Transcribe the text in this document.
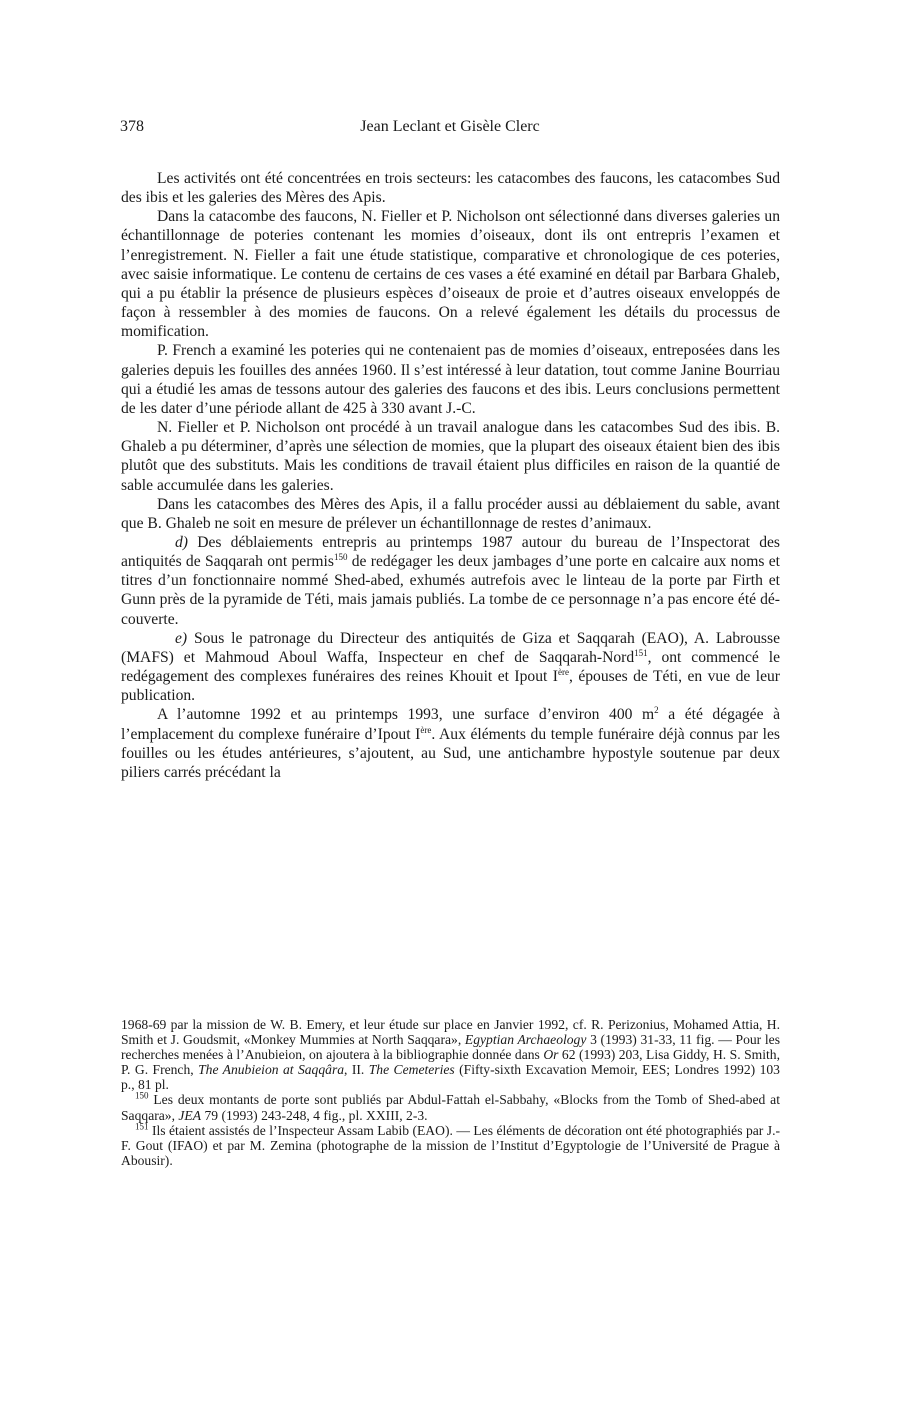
378	Jean Leclant et Gisèle Clerc

Les activités ont été concentrées en trois secteurs: les catacombes des faucons, les catacombes Sud des ibis et les galeries des Mères des Apis.

Dans la catacombe des faucons, N. Fieller et P. Nicholson ont sélectionné dans diverses galeries un échantillonnage de poteries contenant les momies d’oiseaux, dont ils ont entrepris l’examen et l’enregistrement. N. Fieller a fait une étude statistique, comparative et chronologique de ces poteries, avec saisie informatique. Le contenu de certains de ces vases a été examiné en détail par Barbara Ghaleb, qui a pu établir la présence de plusieurs espèces d’oiseaux de proie et d’autres oiseaux enveloppés de façon à ressembler à des momies de faucons. On a relevé également les détails du processus de momification.

P. French a examiné les poteries qui ne contenaient pas de momies d’oiseaux, entreposées dans les galeries depuis les fouilles des années 1960. Il s’est intéressé à leur datation, tout comme Janine Bourriau qui a étudié les amas de tessons autour des galeries des faucons et des ibis. Leurs conclusions permettent de les dater d’une période allant de 425 à 330 avant J.-C.

N. Fieller et P. Nicholson ont procédé à un travail analogue dans les catacombes Sud des ibis. B. Ghaleb a pu déterminer, d’après une sélection de momies, que la plupart des oiseaux étaient bien des ibis plutôt que des substituts. Mais les conditions de travail étaient plus difficiles en raison de la quantié de sable accumulée dans les galeries.

Dans les catacombes des Mères des Apis, il a fallu procéder aussi au déblaiement du sable, avant que B. Ghaleb ne soit en mesure de prélever un échantillonnage de restes d’animaux.

d) Des déblaiements entrepris au printemps 1987 autour du bureau de l’Inspectorat des antiquités de Saqqarah ont permis$^{150}$ de redégager les deux jambages d’une porte en calcaire aux noms et titres d’un fonctionnaire nommé Shed-abed, exhumés autrefois avec le linteau de la porte par Firth et Gunn près de la pyramide de Téti, mais jamais publiés. La tombe de ce personnage n’a pas encore été découverte.

e) Sous le patronage du Directeur des antiquités de Giza et Saqqarah (EAO), A. Labrousse (MAFS) et Mahmoud Aboul Waffa, Inspecteur en chef de Saqqarah-Nord$^{151}$, ont commencé le redégagement des complexes funéraires des reines Khouit et Ipout Ière, épouses de Téti, en vue de leur publication.

A l’automne 1992 et au printemps 1993, une surface d’environ 400 $m^2$ a été dégagée à l’emplacement du complexe funéraire d’Ipout Ière. Aux éléments du temple funéraire déjà connus par les fouilles ou les études antérieures, s’ajoutent, au Sud, une antichambre hypostyle soutenue par deux piliers carrés précédant la

1968-69 par la mission de W. B. Emery, et leur étude sur place en Janvier 1992, cf. R. Perizonius, Mohamed Attia, H. Smith et J. Goudsmit, «Monkey Mummies at North Saqqara», Egyptian Archaeology 3 (1993) 31-33, 11 fig. — Pour les recherches menées à l’Anubieion, on ajoutera à la bibliographie donnée dans Or 62 (1993) 203, Lisa Giddy, H. S. Smith, P. G. French, The Anubieion at Saqqâra, II. The Cemeteries (Fifty-sixth Excavation Memoir, EES; Londres 1992) 103 p., 81 pl.

$^{150}$ Les deux montants de porte sont publiés par Abdul-Fattah el-Sabbahy, «Blocks from the Tomb of Shed-abed at Saqqara», JEA 79 (1993) 243-248, 4 fig., pl. XXIII, 2-3.

$^{151}$ Ils étaient assistés de l’Inspecteur Assam Labib (EAO). — Les éléments de décoration ont été photographiés par J.-F. Gout (IFAO) et par M. Zemina (photographe de la mission de l’Institut d’Egyptologie de l’Université de Prague à Abousir).
